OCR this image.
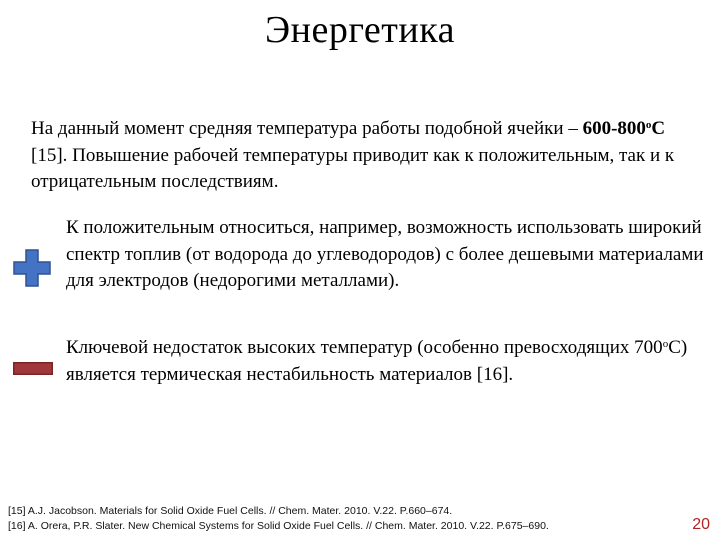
Энергетика
На данный момент средняя температура работы подобной ячейки – 600-800$^o$C [15]. Повышение рабочей температуры приводит как к положительным, так и к отрицательным последствиям.
К положительным относиться, например, возможность использовать широкий спектр топлив (от водорода до углеводородов) с более дешевыми материалами для электродов (недорогими металлами).
Ключевой недостаток высоких температур (особенно превосходящих 700$^o$C) является термическая нестабильность материалов [16].
[15] A.J. Jacobson. Materials for Solid Oxide Fuel Cells. // Chem. Mater. 2010. V.22. P.660–674.
[16] A. Orera, P.R. Slater. New Chemical Systems for Solid Oxide Fuel Cells. // Chem. Mater. 2010. V.22. P.675–690.	20
